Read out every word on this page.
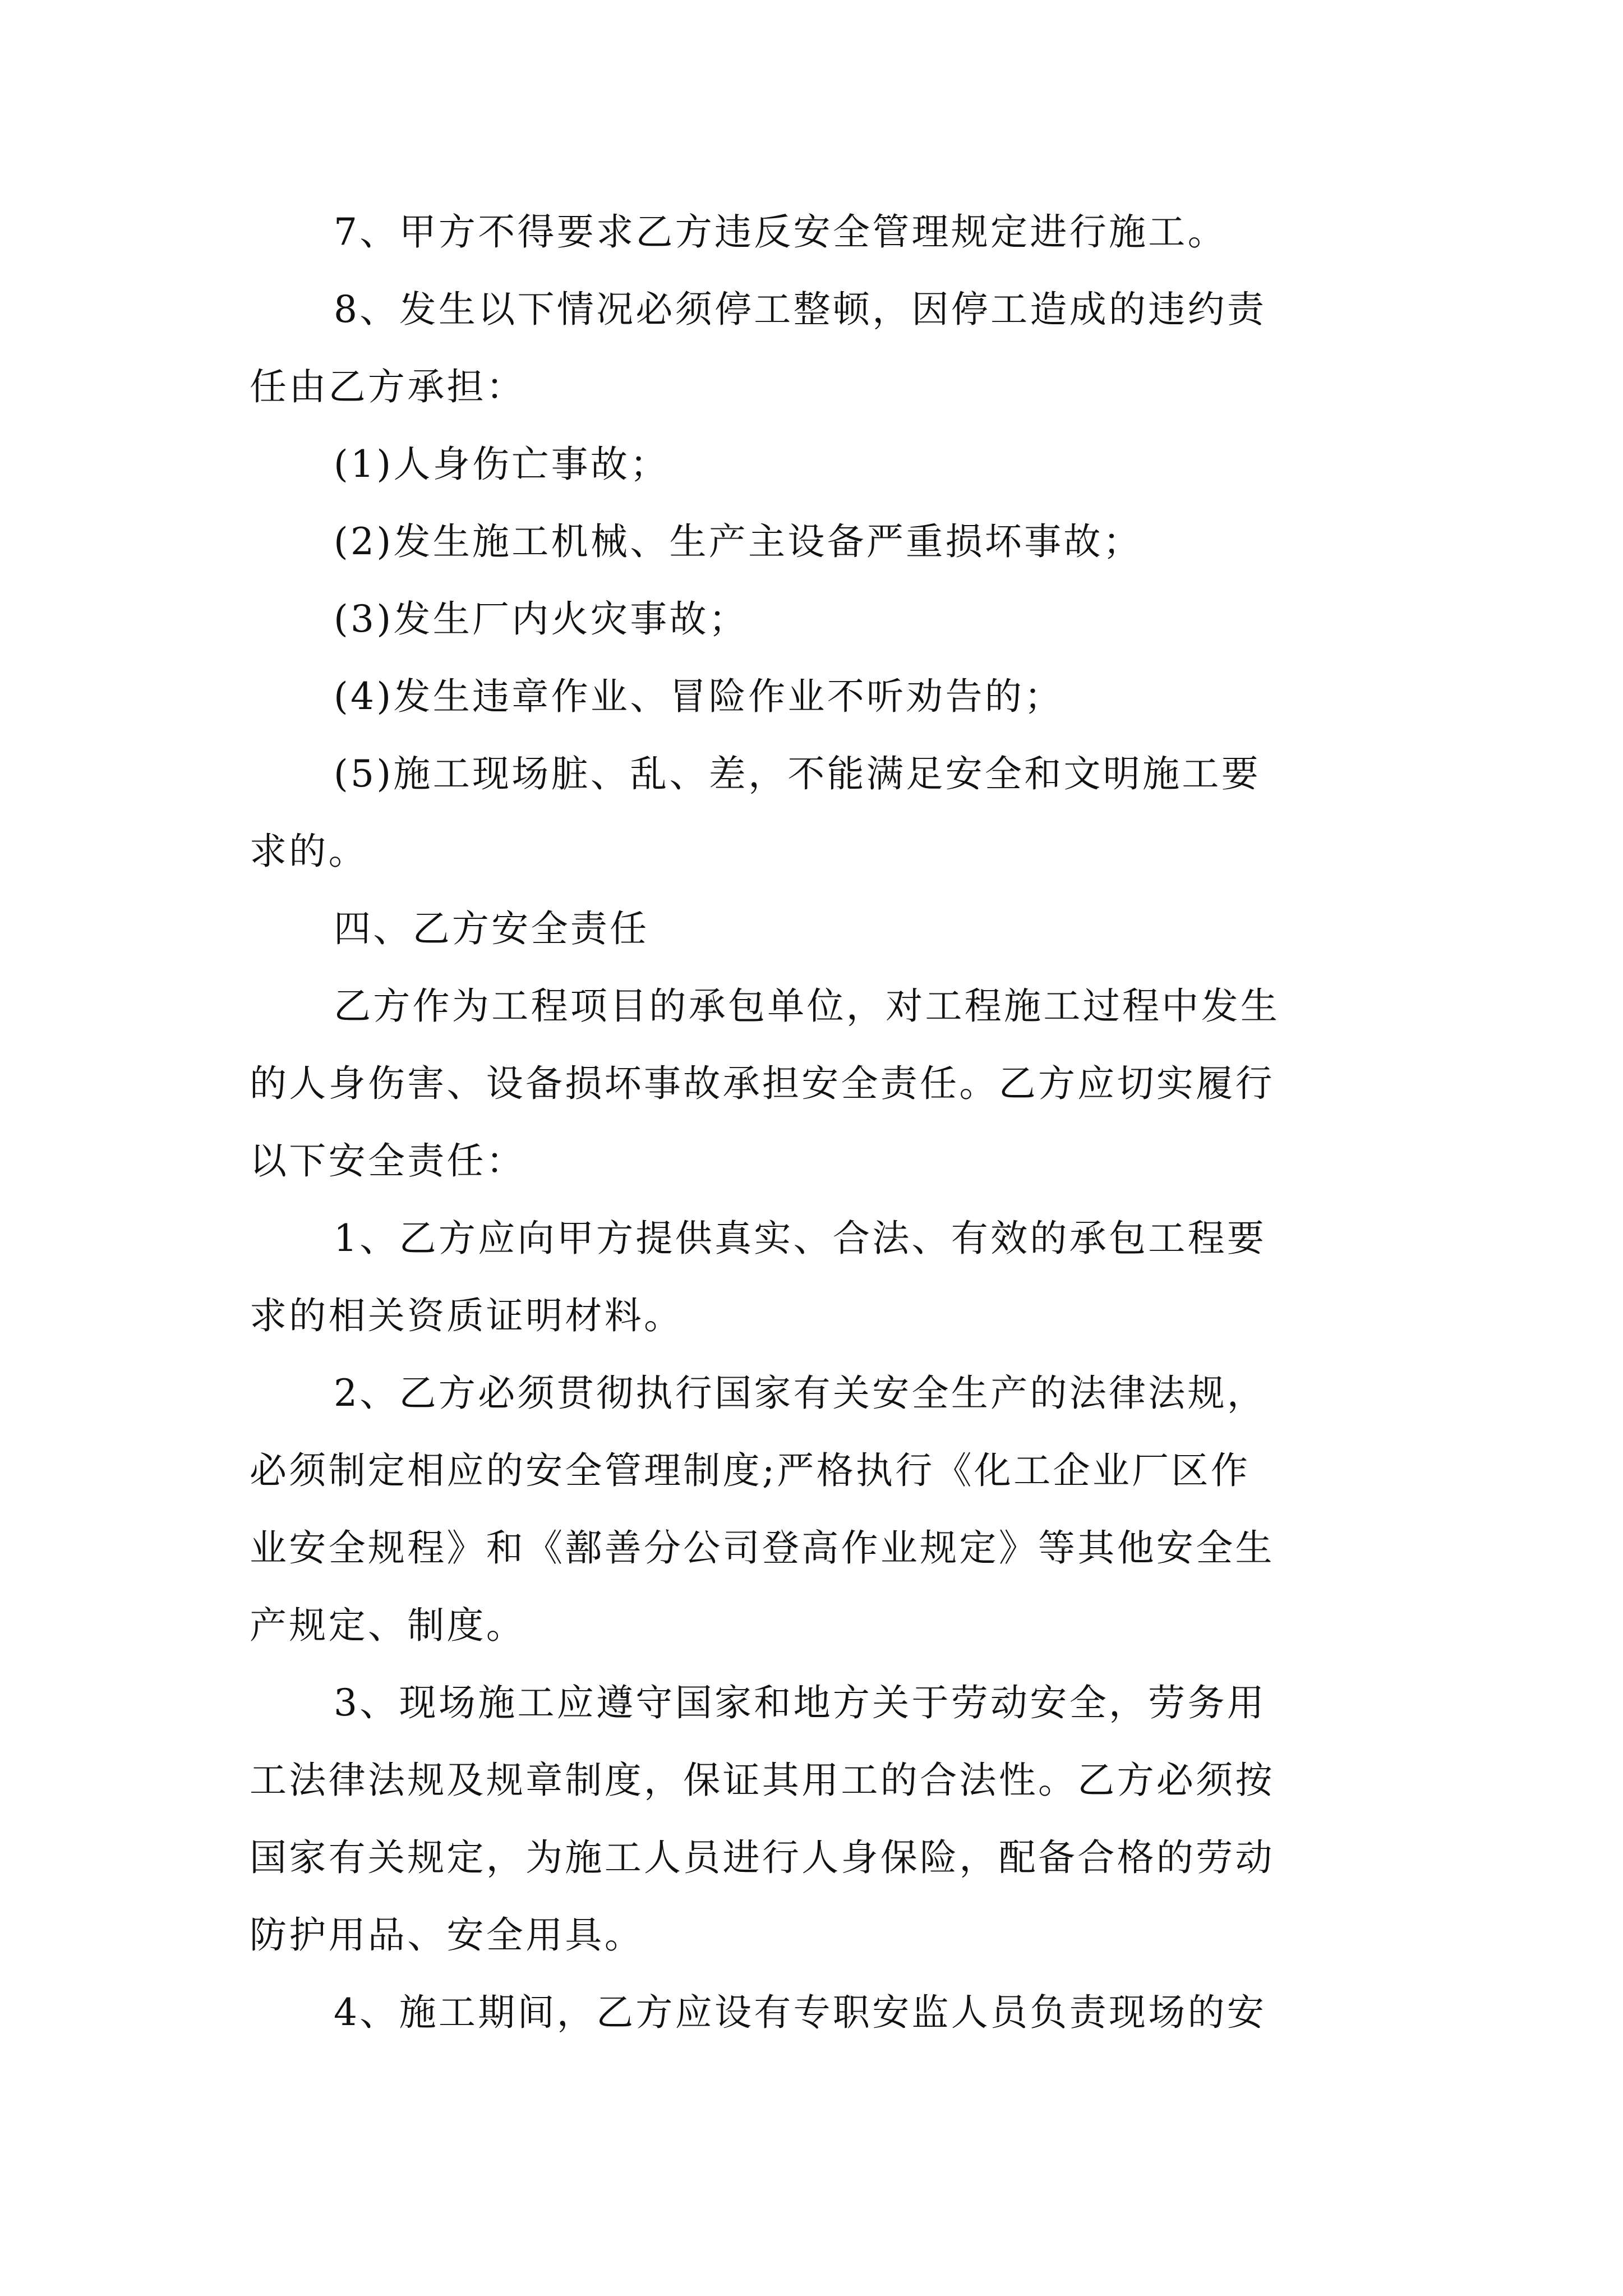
7、甲方不得要求乙方违反安全管理规定进行施工。
8、发生以下情况必须停工整顿，因停工造成的违约责
任由乙方承担：
(1)人身伤亡事故；
(2)发生施工机械、生产主设备严重损坏事故；
(3)发生厂内火灾事故；
(4)发生违章作业、冒险作业不听劝告的；
(5)施工现场脏、乱、差，不能满足安全和文明施工要
求的。
四、乙方安全责任
乙方作为工程项目的承包单位，对工程施工过程中发生
的人身伤害、设备损坏事故承担安全责任。乙方应切实履行
以下安全责任：
1、乙方应向甲方提供真实、合法、有效的承包工程要
求的相关资质证明材料。
2、乙方必须贯彻执行国家有关安全生产的法律法规，
必须制定相应的安全管理制度;严格执行《化工企业厂区作
业安全规程》和《鄯善分公司登高作业规定》等其他安全生
产规定、制度。
3、现场施工应遵守国家和地方关于劳动安全，劳务用
工法律法规及规章制度，保证其用工的合法性。乙方必须按
国家有关规定，为施工人员进行人身保险，配备合格的劳动
防护用品、安全用具。
4、施工期间，乙方应设有专职安监人员负责现场的安
